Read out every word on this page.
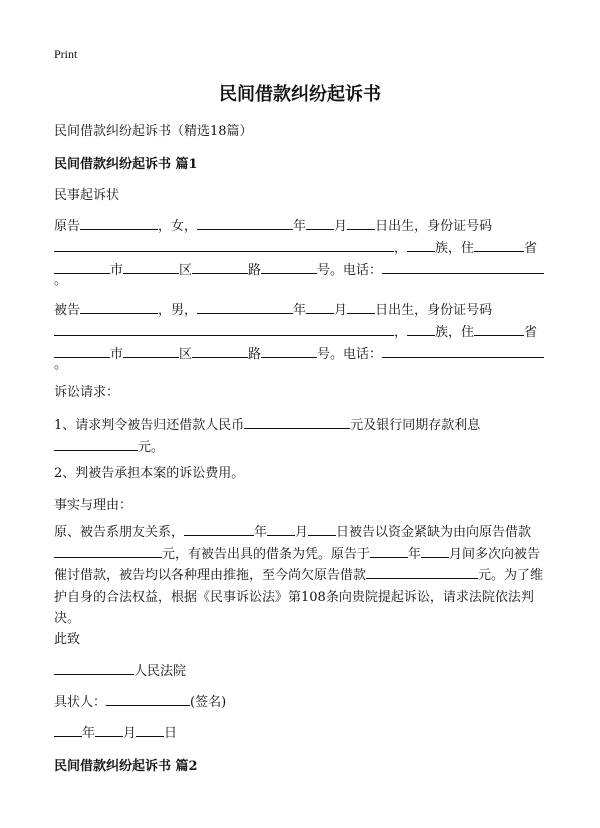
Print
民间借款纠纷起诉书
民间借款纠纷起诉书（精选18篇）
民间借款纠纷起诉书 篇1
民事起诉状
原告	，女，	年 月 日出生，身份证号码
， 族，住	省
市	区	路	号。电话：
。
被告	，男，	年 月 日出生，身份证号码
， 族，住	省
市	区	路	号。电话：
。
诉讼请求：
1、请求判令被告归还借款人民币	元及银行同期存款利息
元。
2、判被告承担本案的诉讼费用。
事实与理由：
原、被告系朋友关系，	年 月 日被告以资金紧缺为由向原告借款
元，有被告出具的借条为凭。原告于	年 月间多次向被告催讨借款，被告均以各种理由推拖，至今尚欠原告借款	元。为了维护自身的合法权益，根据《民事诉讼法》第108条向贵院提起诉讼，请求法院依法判决。
此致
人民法院
具状人：	(签名)
年 月 日
民间借款纠纷起诉书 篇2
